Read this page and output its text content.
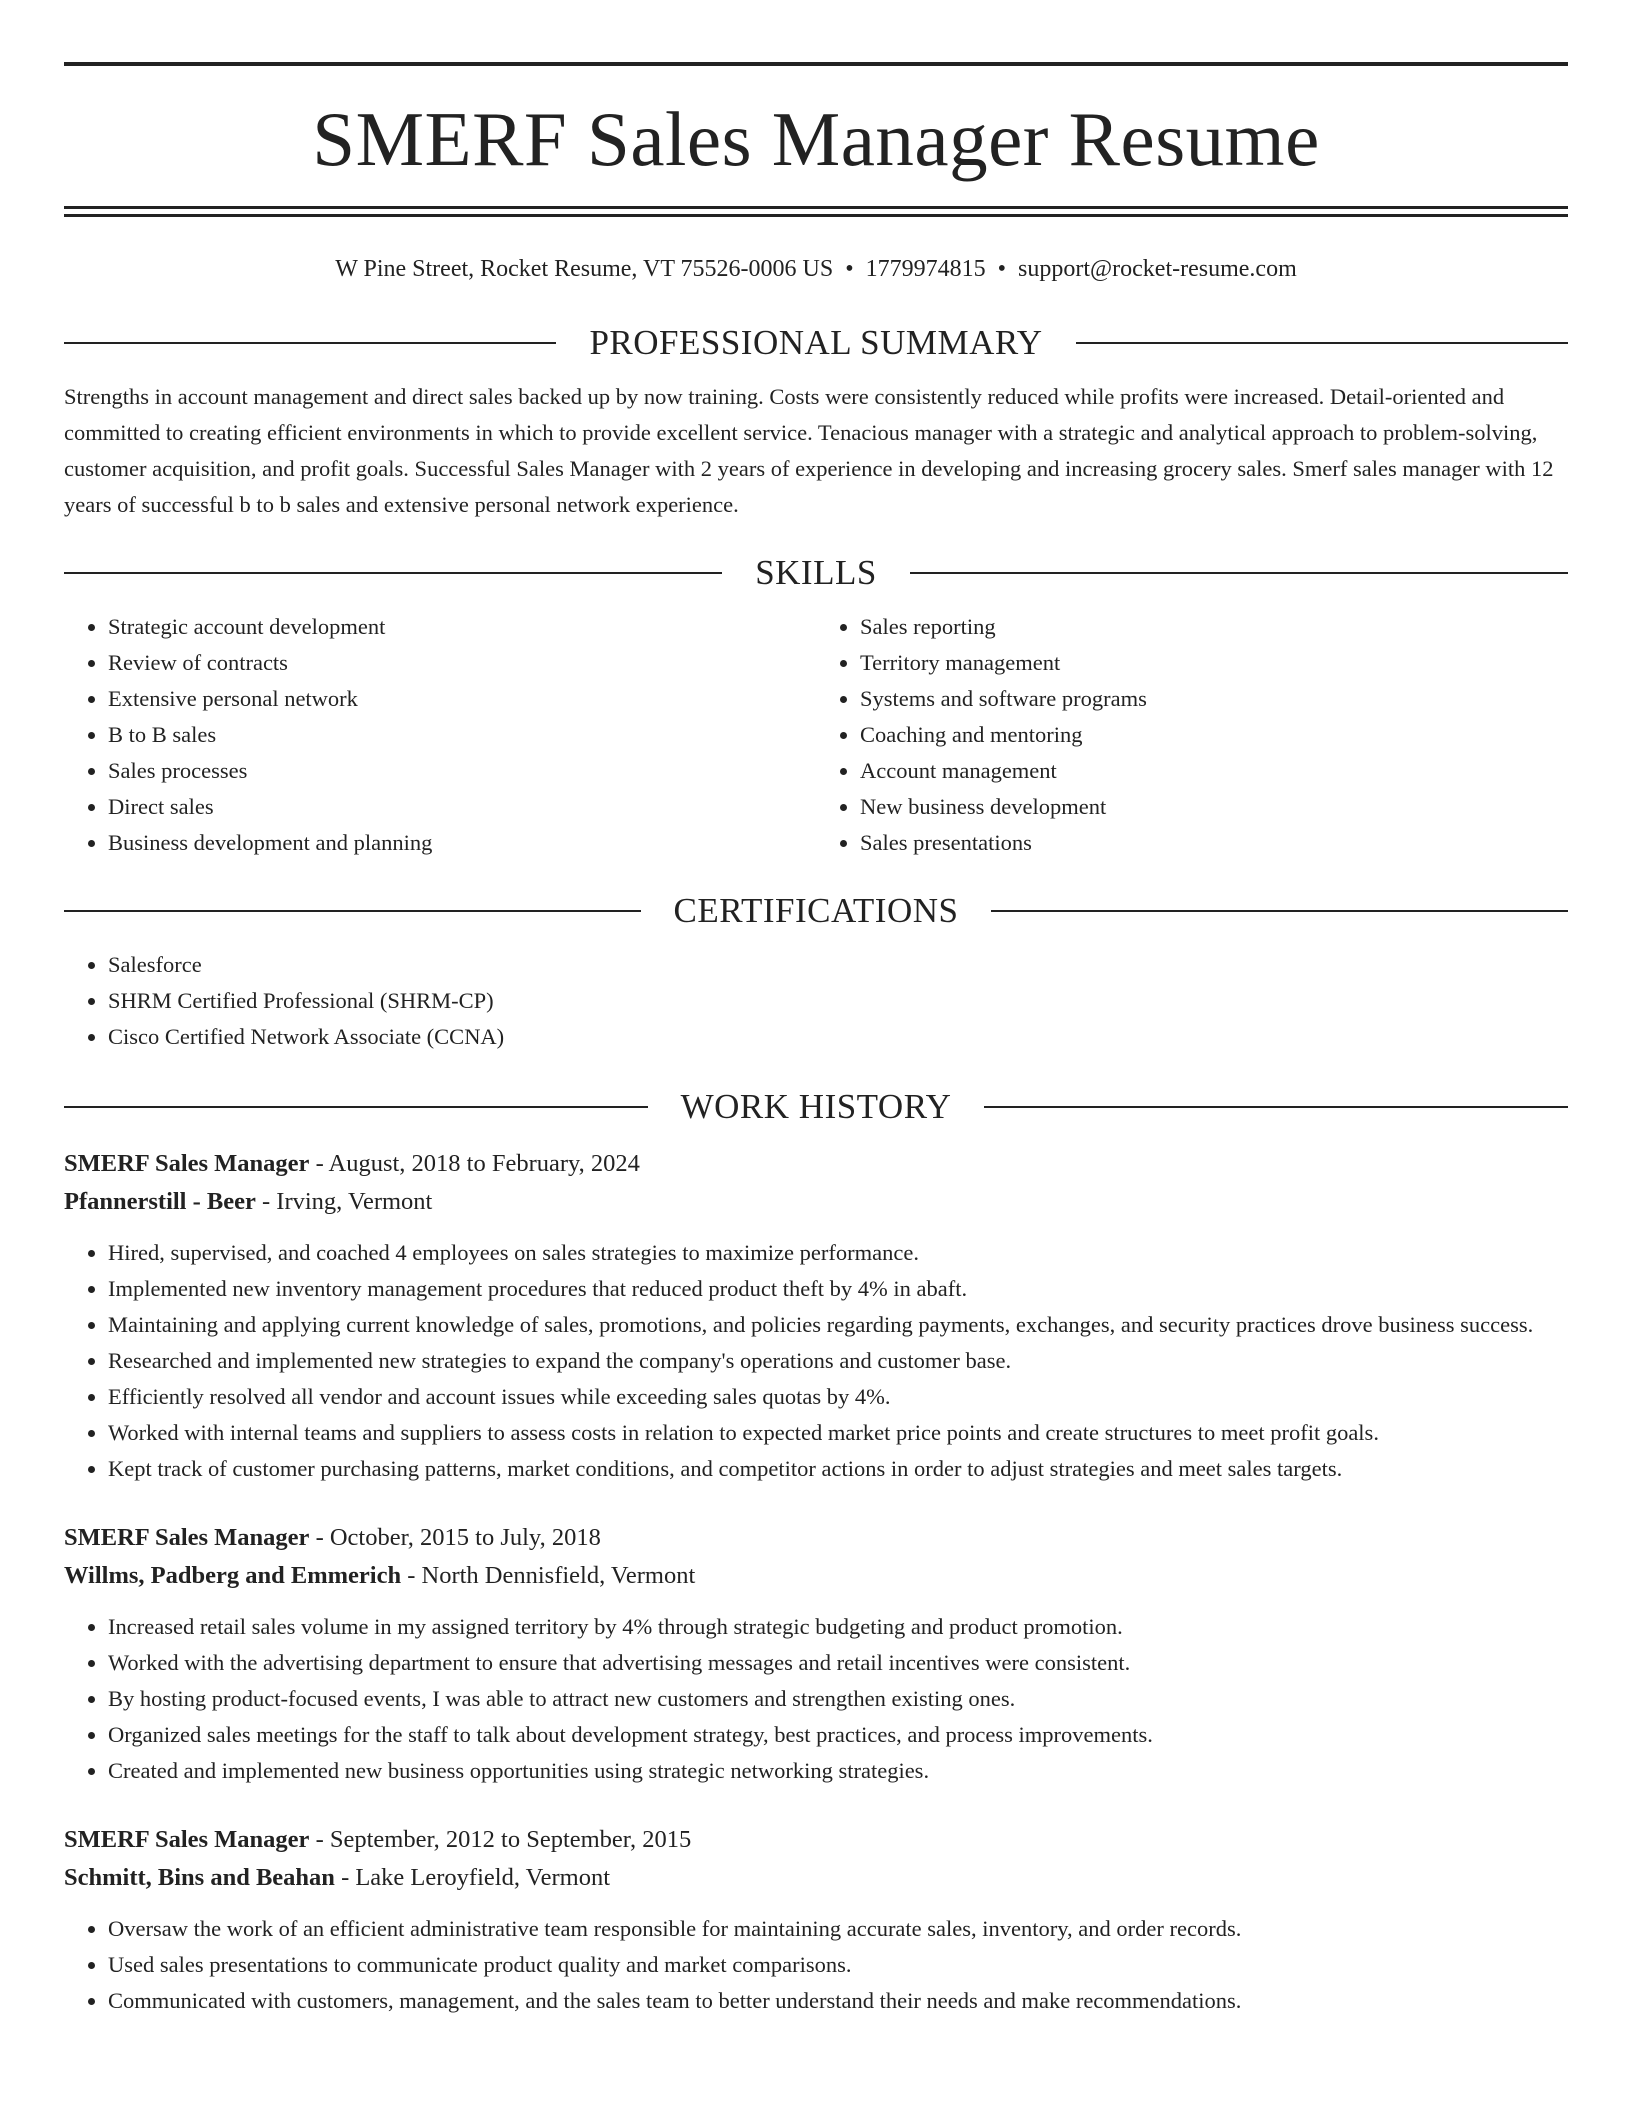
SMERF Sales Manager Resume
W Pine Street, Rocket Resume, VT 75526-0006 US • 1779974815 • support@rocket-resume.com
PROFESSIONAL SUMMARY

Strengths in account management and direct sales backed up by now training. Costs were consistently reduced while profits were increased. Detail-oriented and committed to creating efficient environments in which to provide excellent service. Tenacious manager with a strategic and analytical approach to problem-solving, customer acquisition, and profit goals. Successful Sales Manager with 2 years of experience in developing and increasing grocery sales. Smerf sales manager with 12 years of successful b to b sales and extensive personal network experience.

SKILLS
• Strategic account development
• Review of contracts
• Extensive personal network
• B to B sales
• Sales processes
• Direct sales
• Business development and planning
• Sales reporting
• Territory management
• Systems and software programs
• Coaching and mentoring
• Account management
• New business development
• Sales presentations
CERTIFICATIONS
• Salesforce
• SHRM Certified Professional (SHRM-CP)
• Cisco Certified Network Associate (CCNA)
WORK HISTORY
SMERF Sales Manager - August, 2018 to February, 2024
Pfannerstill - Beer - Irving, Vermont
• Hired, supervised, and coached 4 employees on sales strategies to maximize performance.
• Implemented new inventory management procedures that reduced product theft by 4% in abaft.
• Maintaining and applying current knowledge of sales, promotions, and policies regarding payments, exchanges, and security practices drove business success.
• Researched and implemented new strategies to expand the company's operations and customer base.
• Efficiently resolved all vendor and account issues while exceeding sales quotas by 4%.
• Worked with internal teams and suppliers to assess costs in relation to expected market price points and create structures to meet profit goals.
• Kept track of customer purchasing patterns, market conditions, and competitor actions in order to adjust strategies and meet sales targets.
SMERF Sales Manager - October, 2015 to July, 2018
Willms, Padberg and Emmerich - North Dennisfield, Vermont
• Increased retail sales volume in my assigned territory by 4% through strategic budgeting and product promotion.
• Worked with the advertising department to ensure that advertising messages and retail incentives were consistent.
• By hosting product-focused events, I was able to attract new customers and strengthen existing ones.
• Organized sales meetings for the staff to talk about development strategy, best practices, and process improvements.
• Created and implemented new business opportunities using strategic networking strategies.
SMERF Sales Manager - September, 2012 to September, 2015
Schmitt, Bins and Beahan - Lake Leroyfield, Vermont
• Oversaw the work of an efficient administrative team responsible for maintaining accurate sales, inventory, and order records.
• Used sales presentations to communicate product quality and market comparisons.
• Communicated with customers, management, and the sales team to better understand their needs and make recommendations.
